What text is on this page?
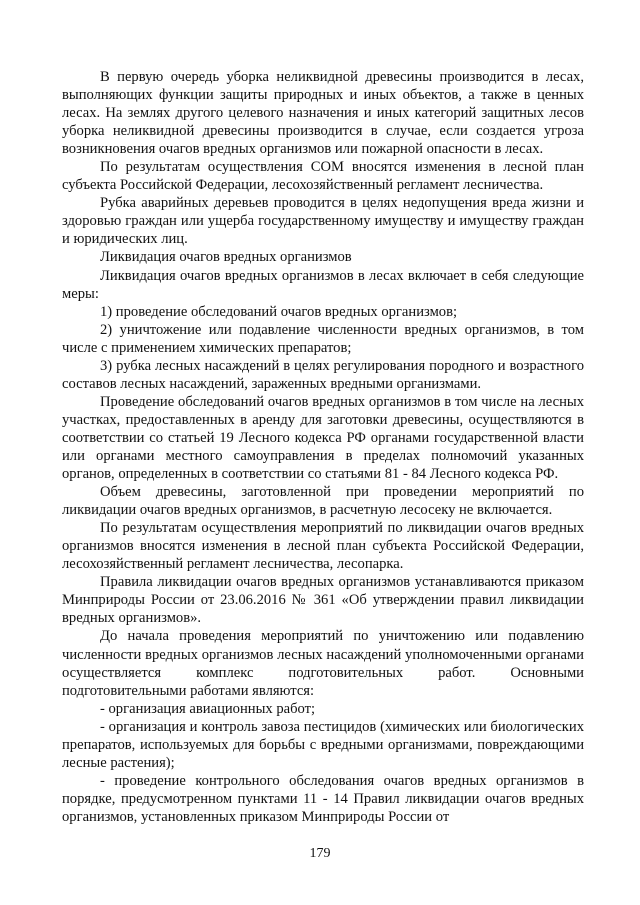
В первую очередь уборка неликвидной древесины производится в лесах, выполняющих функции защиты природных и иных объектов, а также в ценных лесах. На землях другого целевого назначения и иных категорий защитных лесов уборка неликвидной древесины производится в случае, если создается угроза возникновения очагов вредных организмов или пожарной опасности в лесах.

По результатам осуществления СОМ вносятся изменения в лесной план субъекта Российской Федерации, лесохозяйственный регламент лесничества.

Рубка аварийных деревьев проводится в целях недопущения вреда жизни и здоровью граждан или ущерба государственному имуществу и имуществу граждан и юридических лиц.

Ликвидация очагов вредных организмов

Ликвидация очагов вредных организмов в лесах включает в себя следующие меры:

1) проведение обследований очагов вредных организмов;

2) уничтожение или подавление численности вредных организмов, в том числе с применением химических препаратов;

3) рубка лесных насаждений в целях регулирования породного и возрастного составов лесных насаждений, зараженных вредными организмами.

Проведение обследований очагов вредных организмов в том числе на лесных участках, предоставленных в аренду для заготовки древесины, осуществляются в соответствии со статьей 19 Лесного кодекса РФ органами государственной власти или органами местного самоуправления в пределах полномочий указанных органов, определенных в соответствии со статьями 81 - 84 Лесного кодекса РФ.

Объем древесины, заготовленной при проведении мероприятий по ликвидации очагов вредных организмов, в расчетную лесосеку не включается.

По результатам осуществления мероприятий по ликвидации очагов вредных организмов вносятся изменения в лесной план субъекта Российской Федерации, лесохозяйственный регламент лесничества, лесопарка.

Правила ликвидации очагов вредных организмов устанавливаются приказом Минприроды России от 23.06.2016 № 361 «Об утверждении правил ликвидации вредных организмов».

До начала проведения мероприятий по уничтожению или подавлению численности вредных организмов лесных насаждений уполномоченными органами осуществляется комплекс подготовительных работ. Основными подготовительными работами являются:

- организация авиационных работ;

- организация и контроль завоза пестицидов (химических или биологических препаратов, используемых для борьбы с вредными организмами, повреждающими лесные растения);

- проведение контрольного обследования очагов вредных организмов в порядке, предусмотренном пунктами 11 - 14 Правил ликвидации очагов вредных организмов, установленных приказом Минприроды России от

179
